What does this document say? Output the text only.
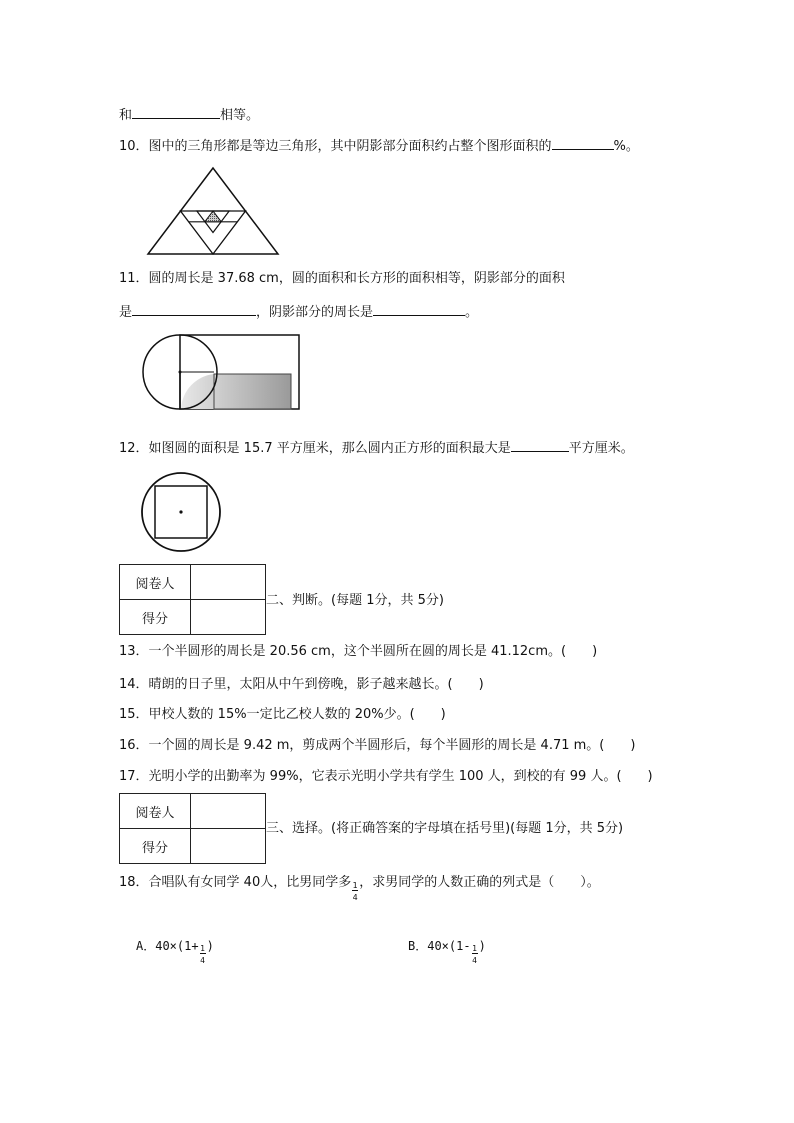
和	相等。
10．图中的三角形都是等边三角形，其中阴影部分面积约占整个图形面积的	%。
11．圆的周长是 37.68 cm，圆的面积和长方形的面积相等，阴影部分的面积
是	，阴影部分的周长是	。
12．如图圆的面积是 15.7 平方厘米，那么圆内正方形的面积最大是	平方厘米。
阅卷人	
得分	
二、判断。(每题 1分，共 5分)
13．一个半圆形的周长是 20.56 cm，这个半圆所在圆的周长是 41.12cm。(　　)
14．晴朗的日子里，太阳从中午到傍晚，影子越来越长。(　　)
15．甲校人数的 15%一定比乙校人数的 20%少。(　　)
16．一个圆的周长是 9.42 m，剪成两个半圆形后，每个半圆形的周长是 4.71 m。(　　)
17．光明小学的出勤率为 99%，它表示光明小学共有学生 100 人，到校的有 99 人。(　　)
阅卷人	
得分	
三、选择。(将正确答案的字母填在括号里)(每题 1分，共 5分)
18．合唱队有女同学 40人，比男同学多 $\frac{1}{4}$ ，求男同学的人数正确的列式是（　　）。
A．$40\times(1+ \frac{1}{4}$ )	B．$40\times(1- \frac{1}{4}$ )
